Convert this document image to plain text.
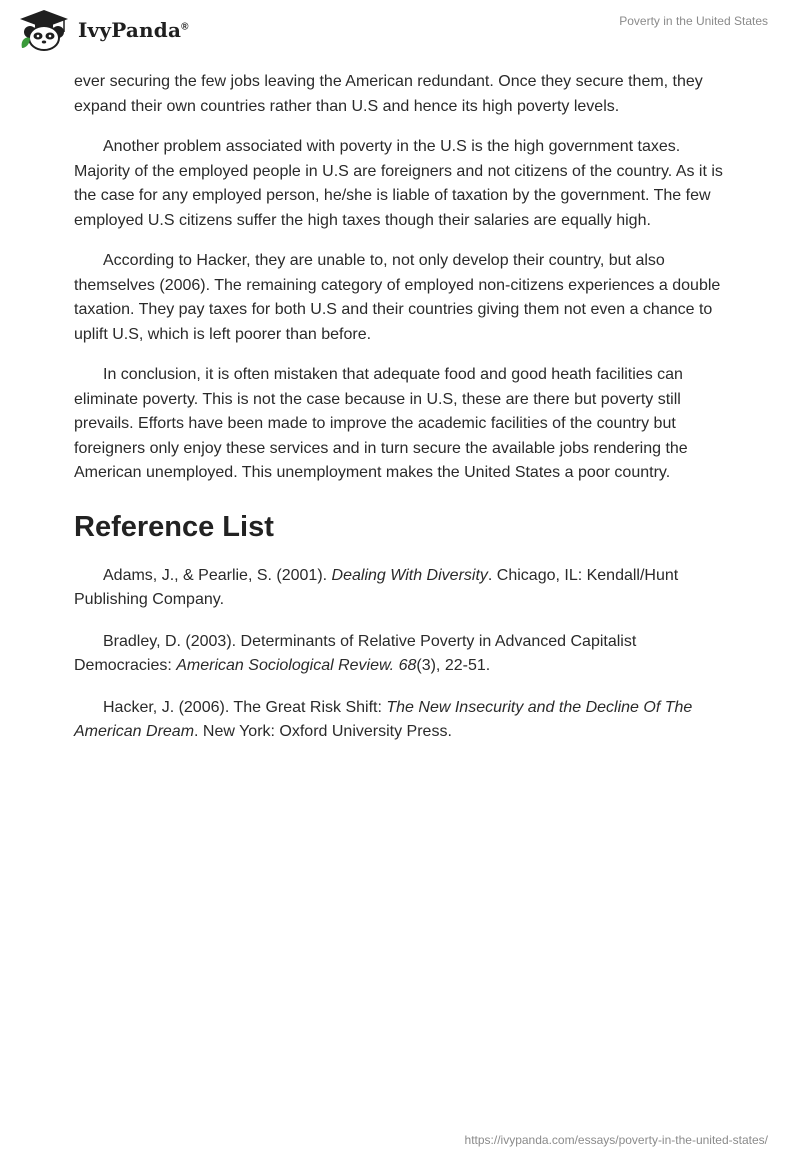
IvyPanda®	Poverty in the United States

ever securing the few jobs leaving the American redundant. Once they secure them, they expand their own countries rather than U.S and hence its high poverty levels.

Another problem associated with poverty in the U.S is the high government taxes. Majority of the employed people in U.S are foreigners and not citizens of the country. As it is the case for any employed person, he/she is liable of taxation by the government. The few employed U.S citizens suffer the high taxes though their salaries are equally high.

According to Hacker, they are unable to, not only develop their country, but also themselves (2006). The remaining category of employed non-citizens experiences a double taxation. They pay taxes for both U.S and their countries giving them not even a chance to uplift U.S, which is left poorer than before.

In conclusion, it is often mistaken that adequate food and good heath facilities can eliminate poverty. This is not the case because in U.S, these are there but poverty still prevails. Efforts have been made to improve the academic facilities of the country but foreigners only enjoy these services and in turn secure the available jobs rendering the American unemployed. This unemployment makes the United States a poor country.

Reference List

Adams, J., & Pearlie, S. (2001). Dealing With Diversity. Chicago, IL: Kendall/Hunt Publishing Company.

Bradley, D. (2003). Determinants of Relative Poverty in Advanced Capitalist Democracies: American Sociological Review. 68(3), 22-51.

Hacker, J. (2006). The Great Risk Shift: The New Insecurity and the Decline Of The American Dream. New York: Oxford University Press.

https://ivypanda.com/essays/poverty-in-the-united-states/
